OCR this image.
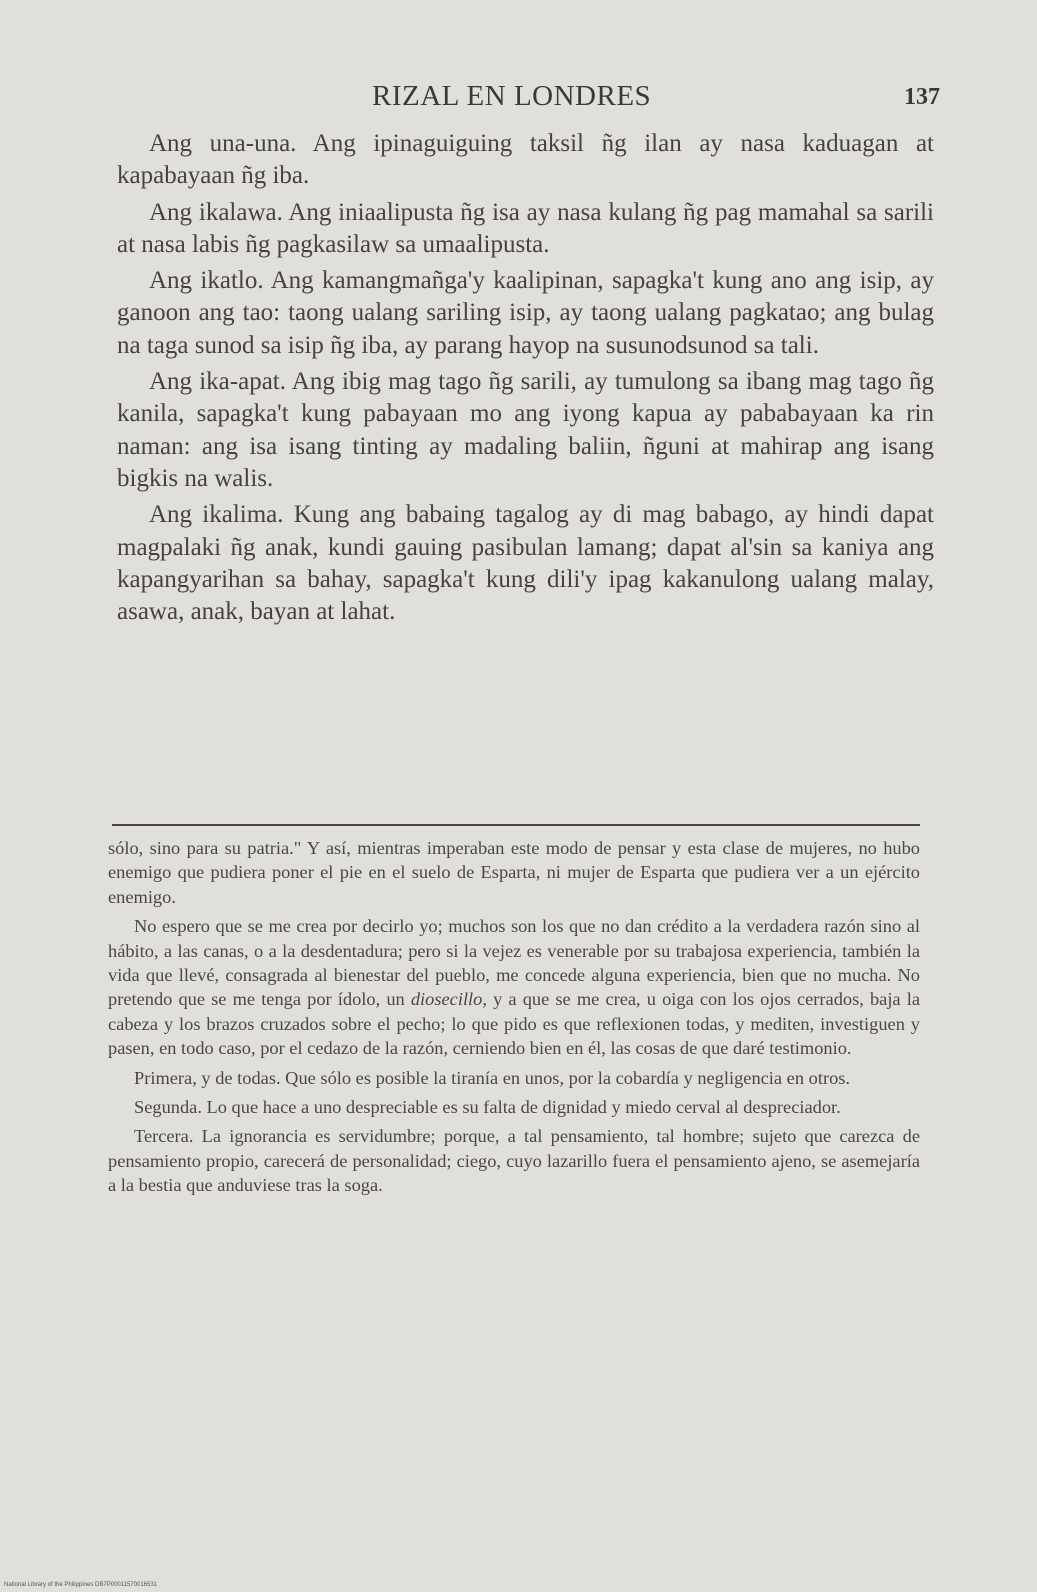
RIZAL EN LONDRES	137

Ang una-una. Ang ipinaguiguing taksil ñg ilan ay nasa kaduagan at kapabayaan ñg iba.

Ang ikalawa. Ang iniaalipusta ñg isa ay nasa kulang ñg pag mamahal sa sarili at nasa labis ñg pagkasilaw sa umaalipusta.

Ang ikatlo. Ang kamangmañga'y kaalipinan, sapagka't kung ano ang isip, ay ganoon ang tao: taong ualang sariling isip, ay taong ualang pagkatao; ang bulag na taga sunod sa isip ñg iba, ay parang hayop na susunodsunod sa tali.

Ang ika-apat. Ang ibig mag tago ñg sarili, ay tumulong sa ibang mag tago ñg kanila, sapagka't kung pabayaan mo ang iyong kapua ay pababayaan ka rin naman: ang isa isang tinting ay madaling baliin, ñguni at mahirap ang isang bigkis na walis.

Ang ikalima. Kung ang babaing tagalog ay di mag babago, ay hindi dapat magpalaki ñg anak, kundi gauing pasibulan lamang; dapat al'sin sa kaniya ang kapangyarihan sa bahay, sapagka't kung dili'y ipag kakanulong ualang malay, asawa, anak, bayan at lahat.

sólo, sino para su patria." Y así, mientras imperaban este modo de pensar y esta clase de mujeres, no hubo enemigo que pudiera poner el pie en el suelo de Esparta, ni mujer de Esparta que pudiera ver a un ejército enemigo.

No espero que se me crea por decirlo yo; muchos son los que no dan crédito a la verdadera razón sino al hábito, a las canas, o a la desdentadura; pero si la vejez es venerable por su trabajosa experiencia, también la vida que llevé, consagrada al bienestar del pueblo, me concede alguna experiencia, bien que no mucha. No pretendo que se me tenga por ídolo, un diosecillo, y a que se me crea, u oiga con los ojos cerrados, baja la cabeza y los brazos cruzados sobre el pecho; lo que pido es que reflexionen todas, y mediten, investiguen y pasen, en todo caso, por el cedazo de la razón, cerniendo bien en él, las cosas de que daré testimonio.

Primera, y de todas. Que sólo es posible la tiranía en unos, por la cobardía y negligencia en otros.

Segunda. Lo que hace a uno despreciable es su falta de dignidad y miedo cerval al despreciador.

Tercera. La ignorancia es servidumbre; porque, a tal pensamiento, tal hombre; sujeto que carezca de pensamiento propio, carecerá de personalidad; ciego, cuyo lazarillo fuera el pensamiento ajeno, se asemejaría a la bestia que anduviese tras la soga.

National Library of the Philippines DB7P00011570016531
